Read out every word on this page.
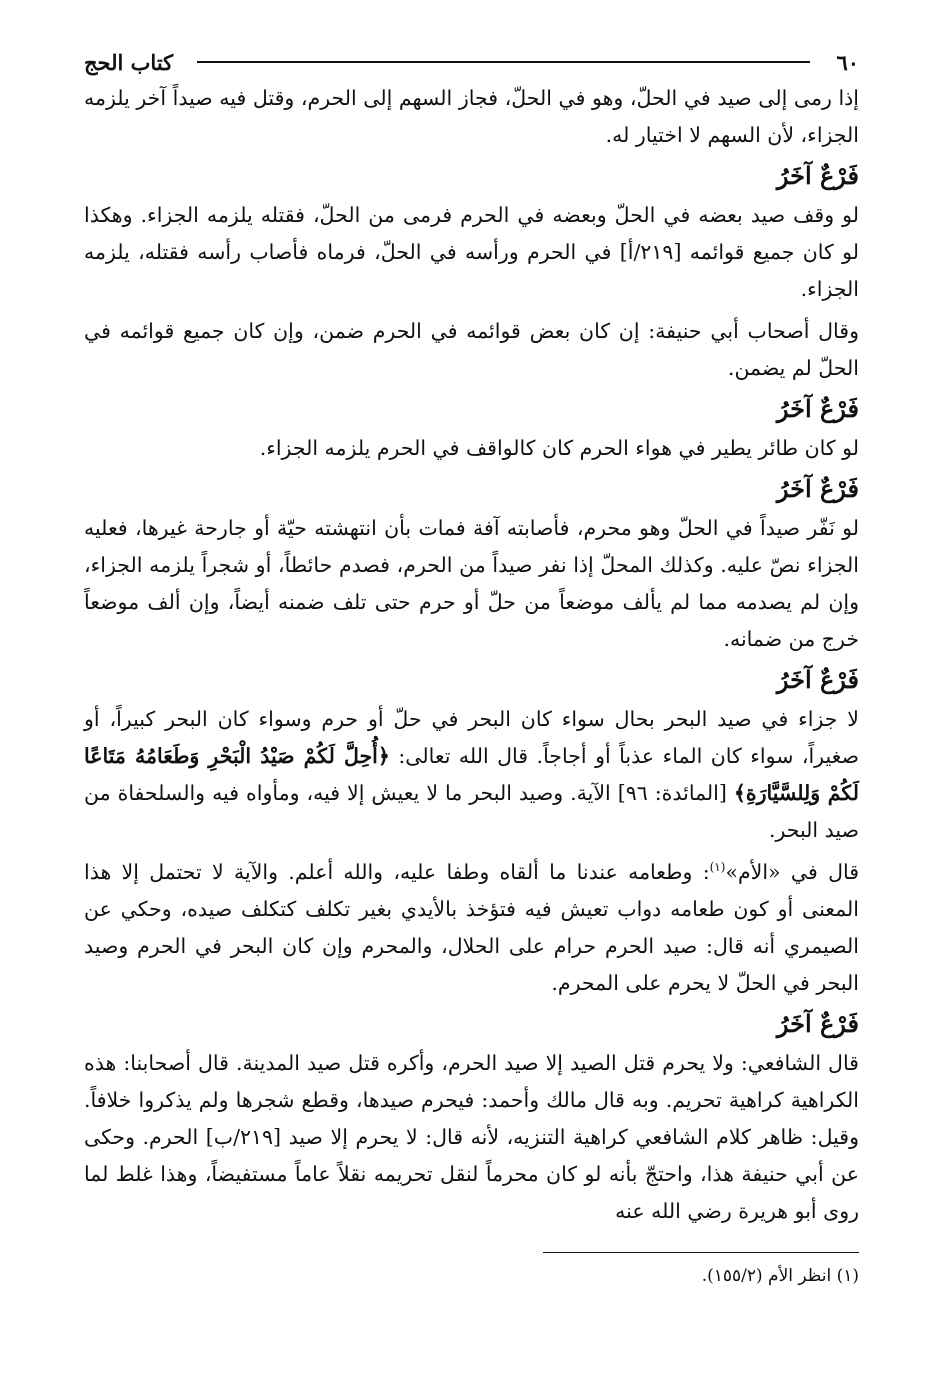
٦٠
كتاب الحج

إذا رمى إلى صيد في الحلّ، وهو في الحلّ، فجاز السهم إلى الحرم، وقتل فيه صيداً آخر يلزمه الجزاء، لأن السهم لا اختيار له.

فَرْعٌ آخَرُ

لو وقف صيد بعضه في الحلّ وبعضه في الحرم فرمى من الحلّ، فقتله يلزمه الجزاء. وهكذا لو كان جميع قوائمه [٢١٩/أ] في الحرم ورأسه في الحلّ، فرماه فأصاب رأسه فقتله، يلزمه الجزاء.

وقال أصحاب أبي حنيفة: إن كان بعض قوائمه في الحرم ضمن، وإن كان جميع قوائمه في الحلّ لم يضمن.

فَرْعٌ آخَرُ

لو كان طائر يطير في هواء الحرم كان كالواقف في الحرم يلزمه الجزاء.

فَرْعٌ آخَرُ

لو نَفّر صيداً في الحلّ وهو محرم، فأصابته آفة فمات بأن انتهشته حيّة أو جارحة غيرها، فعليه الجزاء نصّ عليه. وكذلك المحلّ إذا نفر صيداً من الحرم، فصدم حائطاً، أو شجراً يلزمه الجزاء، وإن لم يصدمه مما لم يألف موضعاً من حلّ أو حرم حتى تلف ضمنه أيضاً، وإن ألف موضعاً خرج من ضمانه.

فَرْعٌ آخَرُ

لا جزاء في صيد البحر بحال سواء كان البحر في حلّ أو حرم وسواء كان البحر كبيراً، أو صغيراً، سواء كان الماء عذباً أو أجاجاً. قال الله تعالى: ﴿أُحِلَّ لَكُمْ صَيْدُ الْبَحْرِ وَطَعَامُهُ مَتَاعًا لَكُمْ وَلِلسَّيَّارَةِ﴾ [المائدة: ٩٦] الآية. وصيد البحر ما لا يعيش إلا فيه، ومأواه فيه والسلحفاة من صيد البحر.

قال في «الأم»$^{(١)}$: وطعامه عندنا ما ألقاه وطفا عليه، والله أعلم. والآية لا تحتمل إلا هذا المعنى أو كون طعامه دواب تعيش فيه فتؤخذ بالأيدي بغير تكلف كتكلف صيده، وحكي عن الصيمري أنه قال: صيد الحرم حرام على الحلال، والمحرم وإن كان البحر في الحرم وصيد البحر في الحلّ لا يحرم على المحرم.

فَرْعٌ آخَرُ

قال الشافعي: ولا يحرم قتل الصيد إلا صيد الحرم، وأكره قتل صيد المدينة. قال أصحابنا: هذه الكراهية كراهية تحريم. وبه قال مالك وأحمد: فيحرم صيدها، وقطع شجرها ولم يذكروا خلافاً. وقيل: ظاهر كلام الشافعي كراهية التنزيه، لأنه قال: لا يحرم إلا صيد [٢١٩/ب] الحرم. وحكى عن أبي حنيفة هذا، واحتجّ بأنه لو كان محرماً لنقل تحريمه نقلاً عاماً مستفيضاً، وهذا غلط لما روى أبو هريرة رضي الله عنه

(١) انظر الأم (١٥٥/٢).
